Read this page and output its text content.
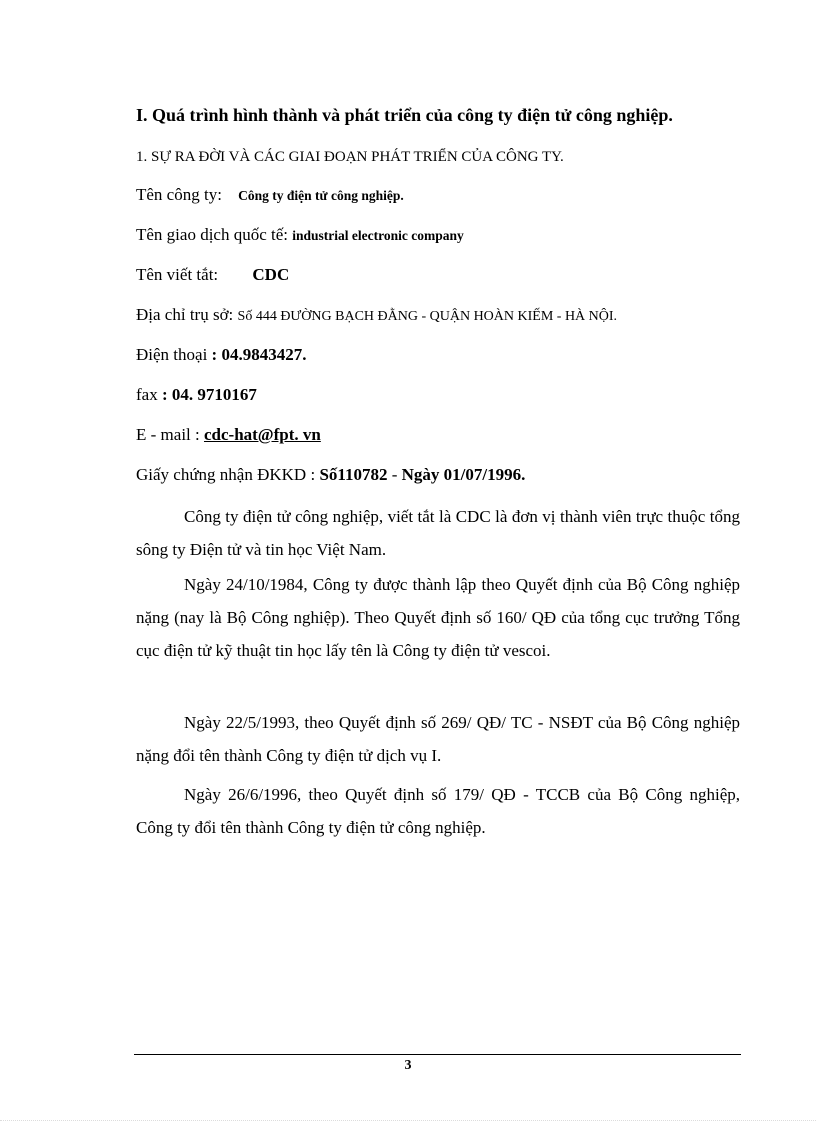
I. Quá trình hình thành và phát triển của công ty điện tử công nghiệp.
1. SỰ RA ĐỜI VÀ CÁC GIAI ĐOẠN PHÁT TRIỂN CỦA CÔNG TY.
Tên công ty: Công ty điện tử công nghiệp.
Tên giao dịch quốc tế: industrial electronic company
Tên viết tắt: CDC
Địa chỉ trụ sở: Số 444 ĐƯỜNG BẠCH ĐẰNG - QUẬN HOÀN KIẾM - HÀ NỘI.
Điện thoại : 04.9843427.
fax : 04. 9710167
E - mail : cdc-hat@fpt. vn
Giấy chứng nhận ĐKKD : Số110782 - Ngày 01/07/1996.

Công ty điện tử công nghiệp, viết tắt là CDC là đơn vị thành viên trực thuộc tổng sông ty Điện tử và tin học Việt Nam.

Ngày 24/10/1984, Công ty được thành lập theo Quyết định của Bộ Công nghiệp nặng (nay là Bộ Công nghiệp). Theo Quyết định số 160/ QĐ của tổng cục trưởng Tổng cục điện tử kỹ thuật tin học lấy tên là Công ty điện tử vescoi.

Ngày 22/5/1993, theo Quyết định số 269/ QĐ/ TC - NSĐT của Bộ Công nghiệp nặng đổi tên thành Công ty điện tử dịch vụ I.

Ngày 26/6/1996, theo Quyết định số 179/ QĐ - TCCB của Bộ Công nghiệp, Công ty đổi tên thành Công ty điện tử công nghiệp.

3
